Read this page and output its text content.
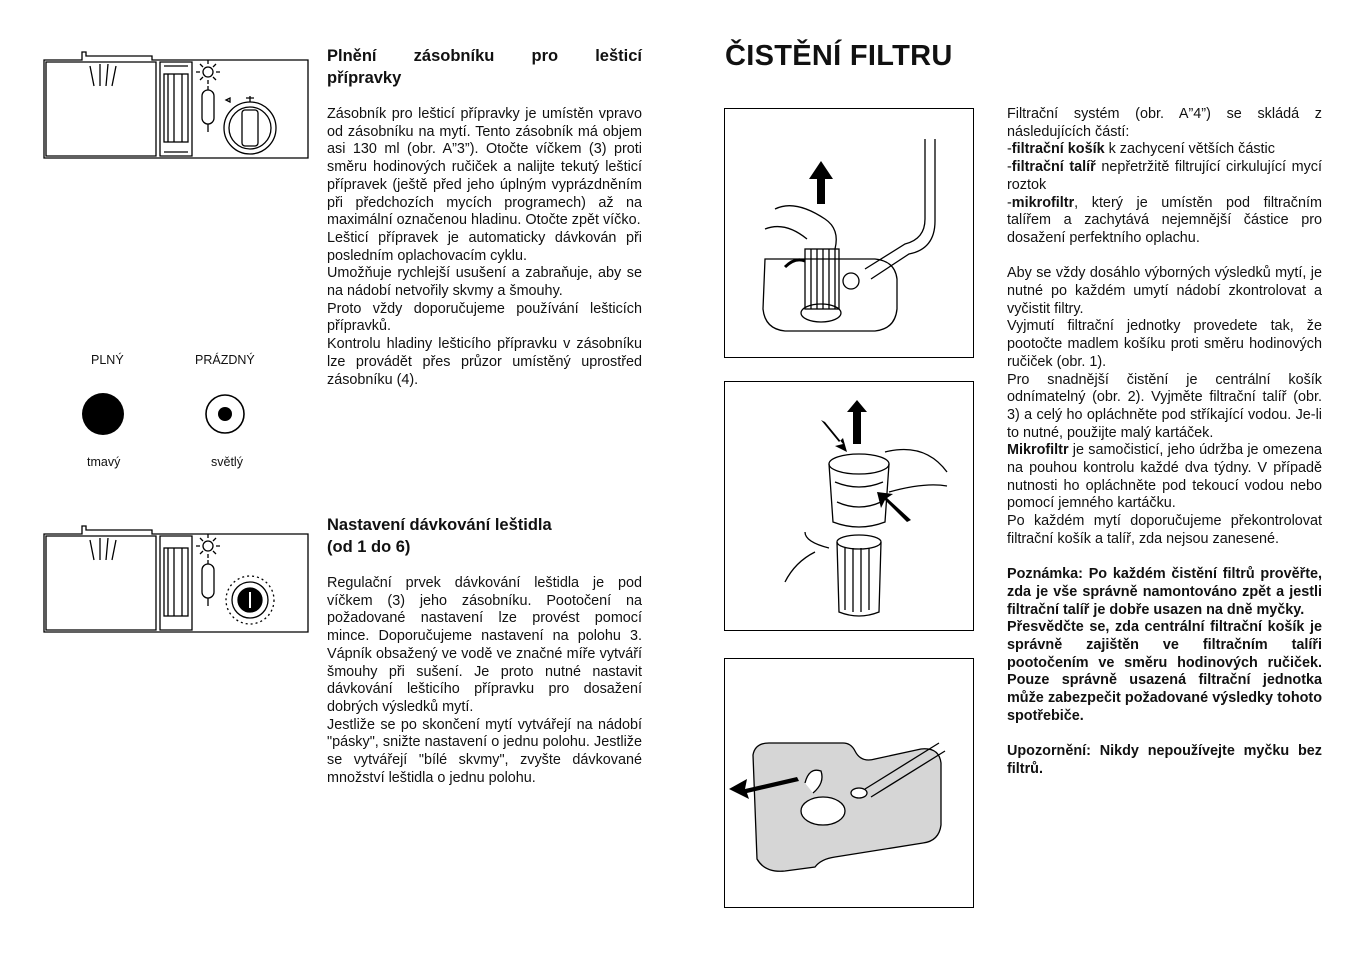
Plnění zásobníku pro lešticí
přípravky

Zásobník pro lešticí přípravky je umístěn vpravo od zásobníku na mytí. Tento zásobník má objem asi 130 ml (obr. A”3”). Otočte víčkem (3) proti směru hodinových ručiček a nalijte tekutý lešticí přípravek (ještě před jeho úplným vyprázdněním při předchozích mycích programech) až na maximální označenou hladinu. Otočte zpět víčko.

Lešticí přípravek je automaticky dávkován při posledním oplachovacím cyklu.

Umožňuje rychlejší usušení a zabraňuje, aby se na nádobí netvořily skvmy a šmouhy.

Proto vždy doporučujeme používání lešticích přípravků.

Kontrolu hladiny lešticího přípravku v zásobníku lze provádět přes průzor umístěný uprostřed zásobníku (4).

PLNÝ	PRÁZDNÝ
tmavý	světlý
Nastavení dávkování leštidla
(od 1 do 6)

Regulační prvek dávkování leštidla je pod víčkem (3) jeho zásobníku. Pootočení na požadované nastavení lze provést pomocí mince. Doporučujeme nastavení na polohu 3. Vápník obsažený ve vodě ve značné míře vytváří šmouhy při sušení. Je proto nutné nastavit dávkování lešticího přípravku pro dosažení dobrých výsledků mytí.

Jestliže se po skončení mytí vytvářejí na nádobí "pásky", snižte nastavení o jednu polohu. Jestliže se vytvářejí "bílé skvmy", zvyšte dávkované množství leštidla o jednu polohu.

ČISTĚNÍ FILTRU

Filtrační systém (obr. A”4”) se skládá z následujících částí:

-filtrační košík k zachycení větších částic

-filtrační talíř nepřetržitě filtrující cirkulující mycí roztok

-mikrofiltr, který je umístěn pod filtračním talířem a zachytává nejemnější částice pro dosažení perfektního oplachu.

Aby se vždy dosáhlo výborných výsledků mytí, je nutné po každém umytí nádobí zkontrolovat a vyčistit filtry.

Vyjmutí filtrační jednotky provedete tak, že pootočte madlem košíku proti směru hodinových ručiček (obr. 1).

Pro snadnější čistění je centrální košík odnímatelný (obr. 2). Vyjměte filtrační talíř (obr. 3) a celý ho opláchněte pod stříkající vodou. Je-li to nutné, použijte malý kartáček.

Mikrofiltr je samočisticí, jeho údržba je omezena na pouhou kontrolu každé dva týdny. V případě nutnosti ho opláchněte pod tekoucí vodou nebo pomocí jemného kartáčku.

Po každém mytí doporučujeme překontrolovat filtrační košík a talíř, zda nejsou zanesené.

Poznámka: Po každém čistění filtrů prověřte, zda je vše správně namontováno zpět a jestli filtrační talíř je dobře usazen na dně myčky.

Přesvědčte se, zda centrální filtrační košík je správně zajištěn ve filtračním talíři pootočením ve směru hodinových ručiček. Pouze správně usazená filtrační jednotka může zabezpečit požadované výsledky tohoto spotřebiče.

Upozornění: Nikdy nepoužívejte myčku bez filtrů.
